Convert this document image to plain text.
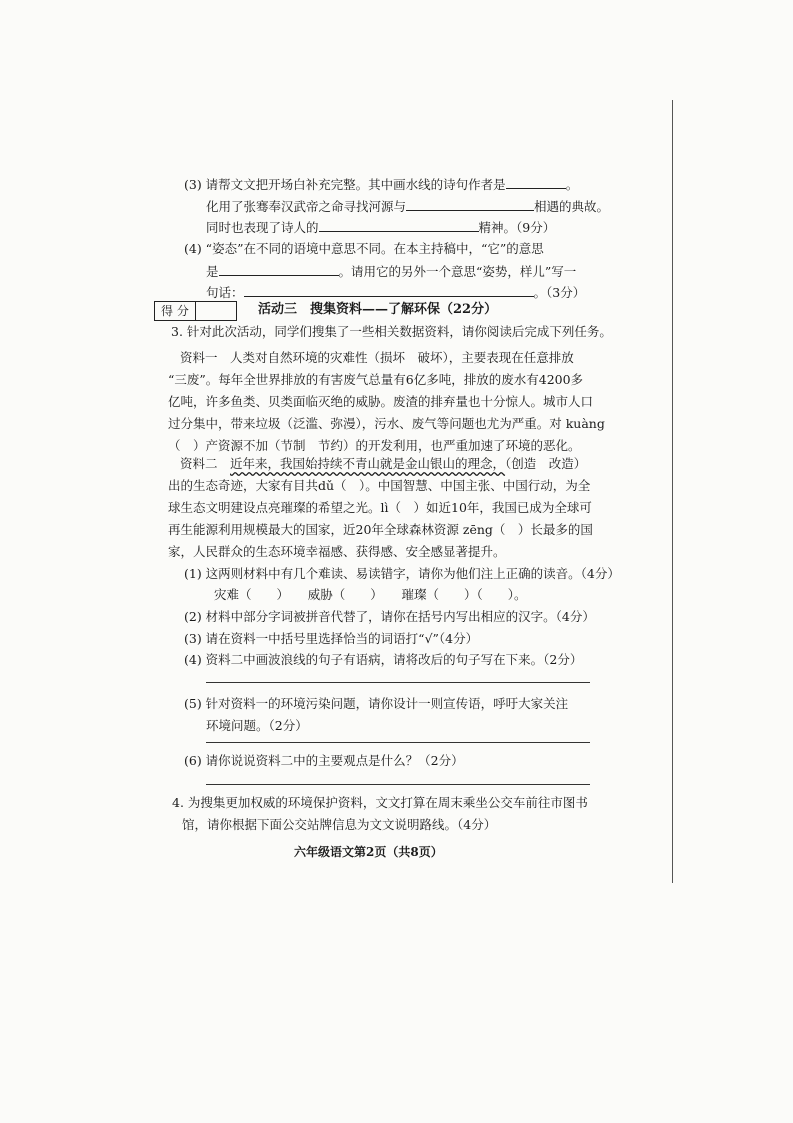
(3) 请帮文文把开场白补充完整。其中画水线的诗句作者是	。
化用了张骞奉汉武帝之命寻找河源与	相遇的典故。
同时也表现了诗人的	精神。（9分）
(4) “姿态”在不同的语境中意思不同。在本主持稿中，“它”的意思
是	。请用它的另外一个意思“姿势，样儿”写一
句话：	。（3分）
得 分	活动三　搜集资料——了解环保（22分）
3. 针对此次活动，同学们搜集了一些相关数据资料，请你阅读后完成下列任务。
资料一　人类对自然环境的灾难性（损坏　破坏），主要表现在任意排放
“三废”。每年全世界排放的有害废气总量有6亿多吨，排放的废水有4200多
亿吨，许多鱼类、贝类面临灭绝的威胁。废渣的排弃量也十分惊人。城市人口
过分集中，带来垃圾（泛滥、弥漫），污水、废气等问题也尤为严重。对 kuàng
（　）产资源不加（节制　节约）的开发利用，也严重加速了环境的恶化。
资料二　 近年来，我国始持续不青山就是金山银山的理念，（创造　改造）
出的生态奇迹，大家有目共dǔ（　）。中国智慧、中国主张、中国行动，为全
球生态文明建设点亮璀璨的希望之光。lì（　）如近10年，我国已成为全球可
再生能源利用规模最大的国家，近20年全球森林资源 zēng（　）长最多的国
家，人民群众的生态环境幸福感、获得感、安全感显著提升。
(1) 这两则材料中有几个难读、易读错字，请你为他们注上正确的读音。（4分）
灾难（　　）　　威胁（　　）　　璀璨（　　）（　　）。
(2) 材料中部分字词被拼音代替了，请你在括号内写出相应的汉字。（4分）
(3) 请在资料一中括号里选择恰当的词语打“√”（4分）
(4) 资料二中画波浪线的句子有语病，请将改后的句子写在下来。（2分）
(5) 针对资料一的环境污染问题，请你设计一则宣传语，呼吁大家关注
环境问题。（2分）
(6) 请你说说资料二中的主要观点是什么？（2分）
4. 为搜集更加权威的环境保护资料，文文打算在周末乘坐公交车前往市图书
馆，请你根据下面公交站牌信息为文文说明路线。（4分）
六年级语文第2页（共8页）
